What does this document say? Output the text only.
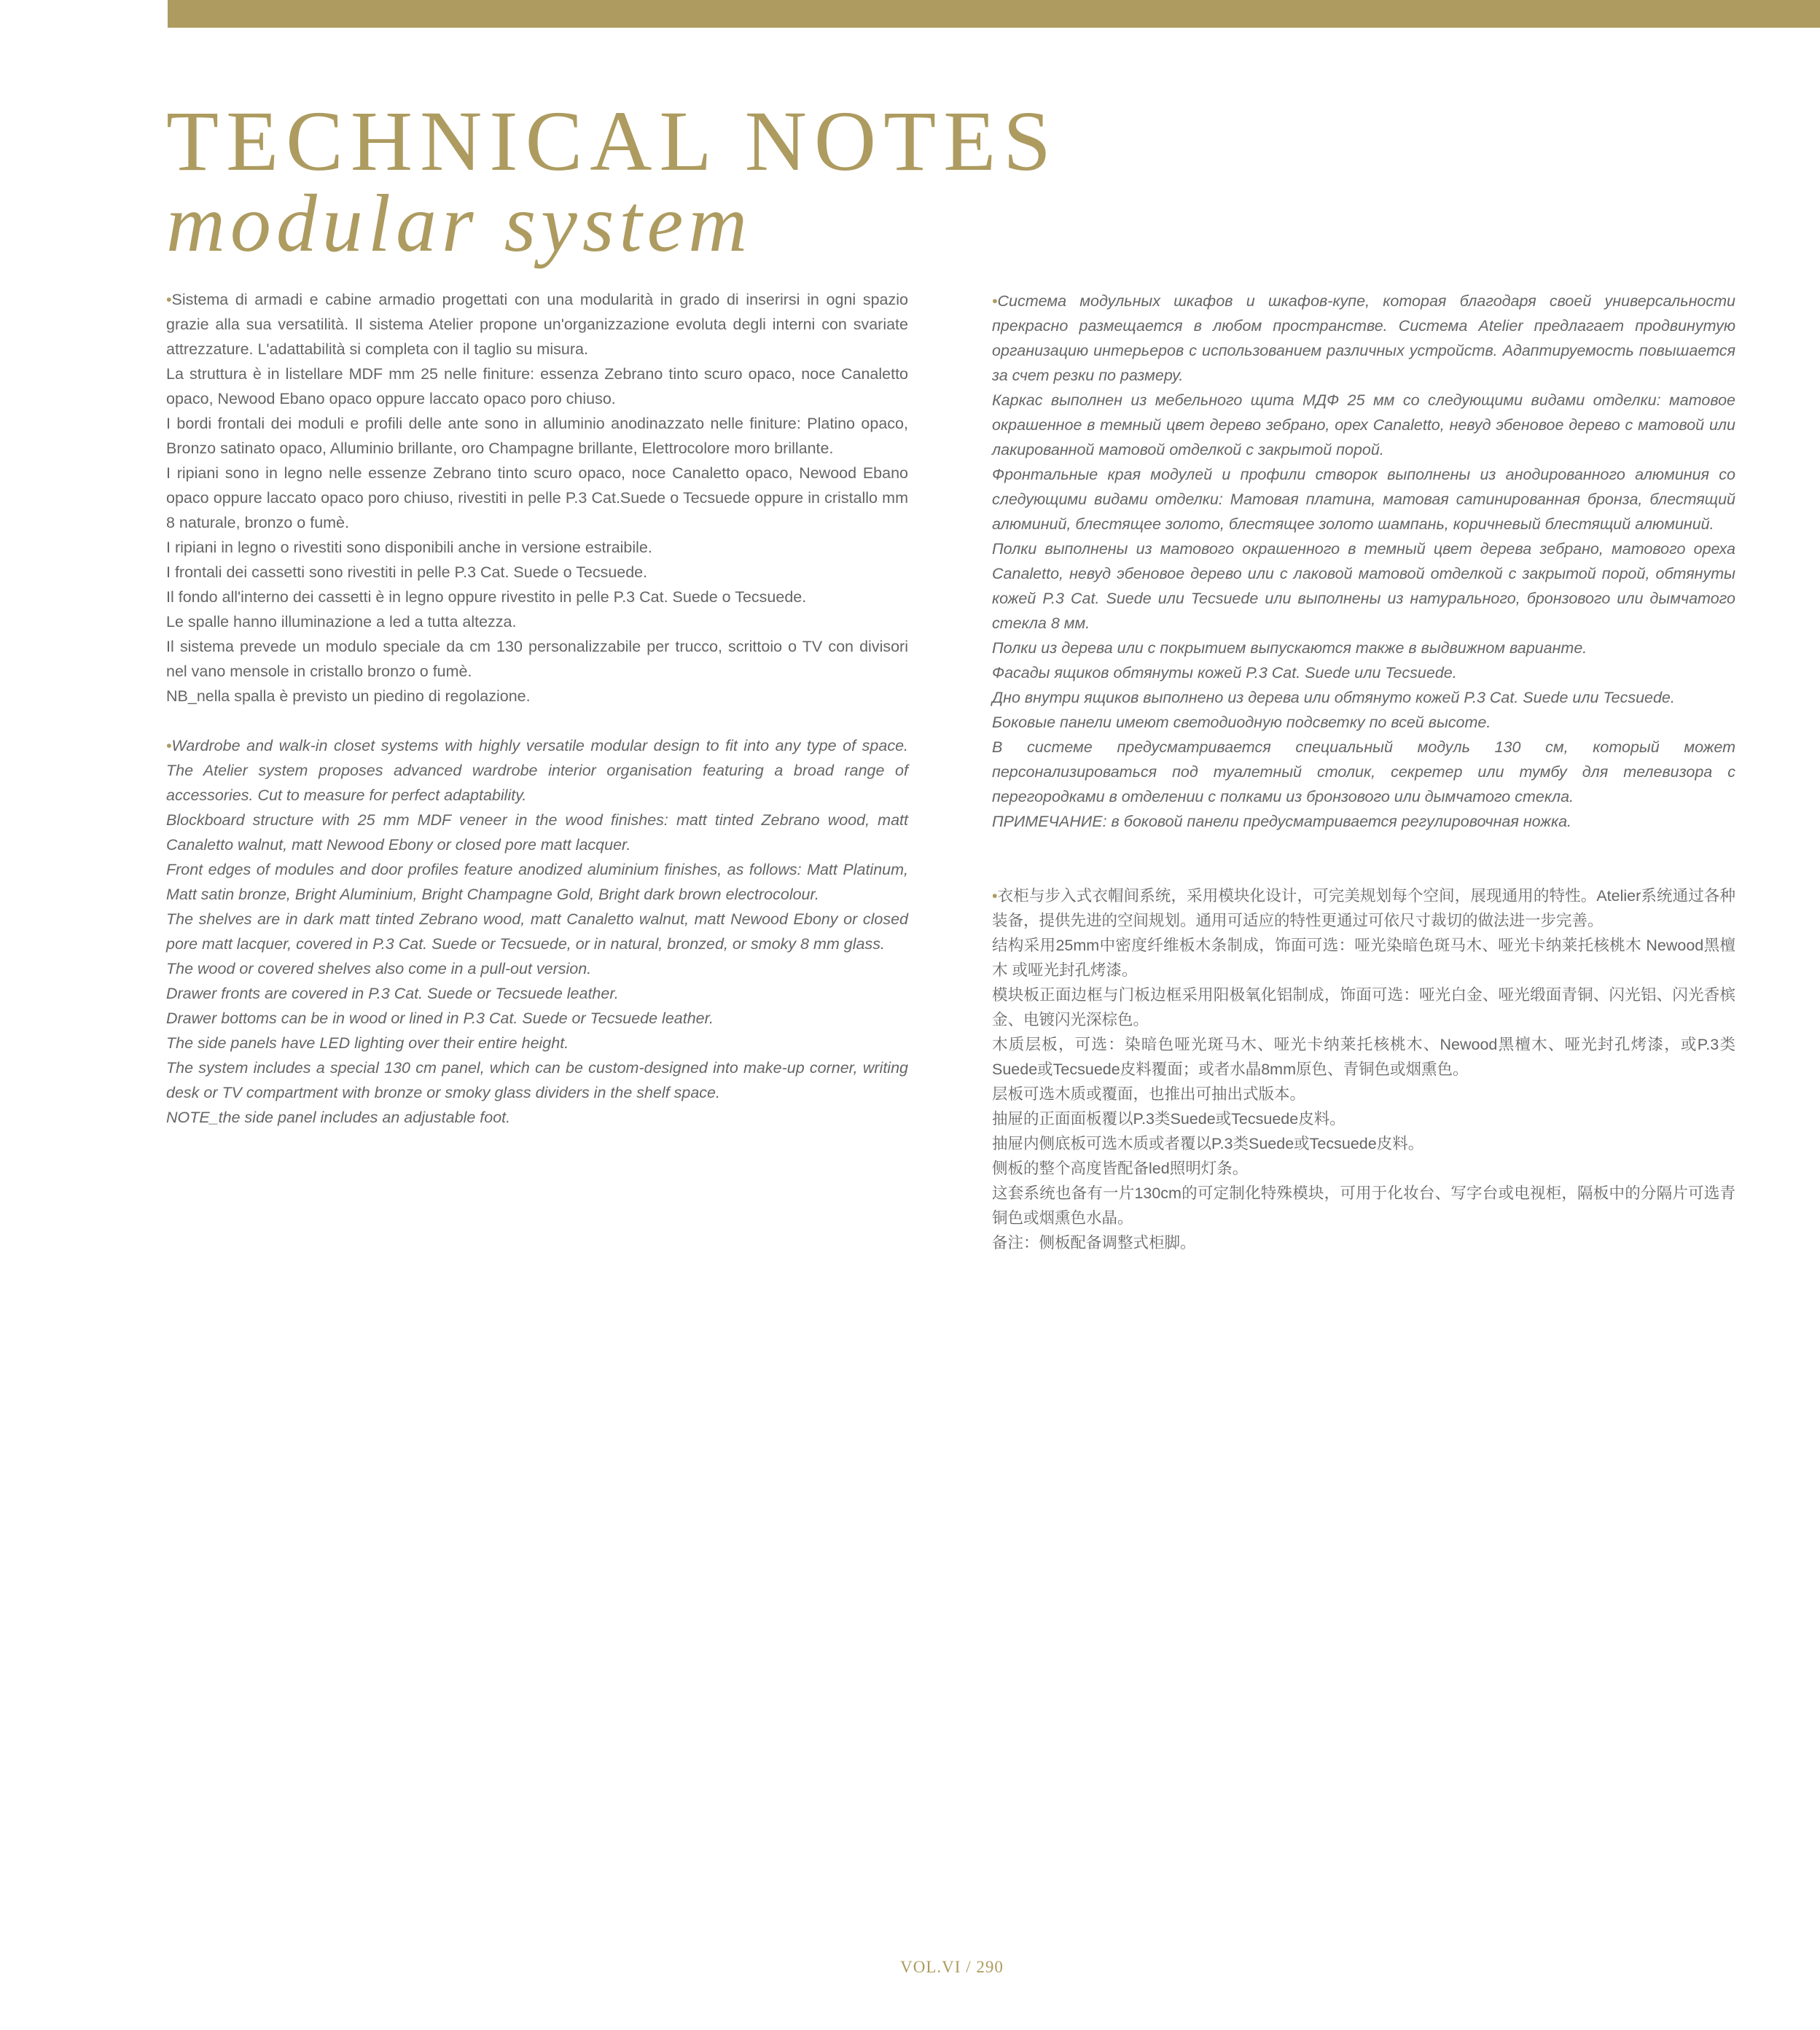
TECHNICAL NOTES
modular system

•Sistema di armadi e cabine armadio progettati con una modularità in grado di inserirsi in ogni spazio grazie alla sua versatilità. Il sistema Atelier propone un'organizzazione evoluta degli interni con svariate attrezzature. L'adattabilità si completa con il taglio su misura.

La struttura è in listellare MDF mm 25 nelle finiture: essenza Zebrano tinto scuro opaco, noce Canaletto opaco, Newood Ebano opaco oppure laccato opaco poro chiuso.

I bordi frontali dei moduli e profili delle ante sono in alluminio anodinazzato nelle finiture: Platino opaco, Bronzo satinato opaco, Alluminio brillante, oro Champagne brillante, Elettrocolore moro brillante.

I ripiani sono in legno nelle essenze Zebrano tinto scuro opaco, noce Canaletto opaco, Newood Ebano opaco oppure laccato opaco poro chiuso, rivestiti in pelle P.3 Cat.Suede o Tecsuede oppure in cristallo mm 8 naturale, bronzo o fumè.

I ripiani in legno o rivestiti sono disponibili anche in versione estraibile.

I frontali dei cassetti sono rivestiti in pelle P.3 Cat. Suede o Tecsuede.

Il fondo all'interno dei cassetti è in legno oppure rivestito in pelle P.3 Cat. Suede o Tecsuede.

Le spalle hanno illuminazione a led a tutta altezza.

Il sistema prevede un modulo speciale da cm 130 personalizzabile per trucco, scrittoio o TV con divisori nel vano mensole in cristallo bronzo o fumè.

NB_nella spalla è previsto un piedino di regolazione.

•Wardrobe and walk-in closet systems with highly versatile modular design to fit into any type of space. The Atelier system proposes advanced wardrobe interior organisation featuring a broad range of accessories. Cut to measure for perfect adaptability.

Blockboard structure with 25 mm MDF veneer in the wood finishes: matt tinted Zebrano wood, matt Canaletto walnut, matt Newood Ebony or closed pore matt lacquer.

Front edges of modules and door profiles feature anodized aluminium finishes, as follows: Matt Platinum, Matt satin bronze, Bright Aluminium, Bright Champagne Gold, Bright dark brown electrocolour.

The shelves are in dark matt tinted Zebrano wood, matt Canaletto walnut, matt Newood Ebony or closed pore matt lacquer, covered in P.3 Cat. Suede or Tecsuede, or in natural, bronzed, or smoky 8 mm glass.

The wood or covered shelves also come in a pull-out version.

Drawer fronts are covered in P.3 Cat. Suede or Tecsuede leather.

Drawer bottoms can be in wood or lined in P.3 Cat. Suede or Tecsuede leather.

The side panels have LED lighting over their entire height.

The system includes a special 130 cm panel, which can be custom-designed into make-up corner, writing desk or TV compartment with bronze or smoky glass dividers in the shelf space.

NOTE_the side panel includes an adjustable foot.

•Система модульных шкафов и шкафов-купе, которая благодаря своей универсальности прекрасно размещается в любом пространстве. Система Atelier предлагает продвинутую организацию интерьеров с использованием различных устройств. Адаптируемость повышается за счет резки по размеру.

Каркас выполнен из мебельного щита МДФ 25 мм со следующими видами отделки: матовое окрашенное в темный цвет дерево зебрано, орех Canaletto, невуд эбеновое дерево с матовой или лакированной матовой отделкой с закрытой порой.

Фронтальные края модулей и профили створок выполнены из анодированного алюминия со следующими видами отделки: Матовая платина, матовая сатинированная бронза, блестящий алюминий, блестящее золото, блестящее золото шампань, коричневый блестящий алюминий.

Полки выполнены из матового окрашенного в темный цвет дерева зебрано, матового ореха Canaletto, невуд эбеновое дерево или с лаковой матовой отделкой с закрытой порой, обтянуты кожей P.3 Cat. Suede или Tecsuede или выполнены из натурального, бронзового или дымчатого стекла 8 мм.

Полки из дерева или с покрытием выпускаются также в выдвижном варианте.

Фасады ящиков обтянуты кожей P.3 Cat. Suede или Tecsuede.

Дно внутри ящиков выполнено из дерева или обтянуто кожей P.3 Cat. Suede или Tecsuede.

Боковые панели имеют светодиодную подсветку по всей высоте.

В системе предусматривается специальный модуль 130 см, который может персонализироваться под туалетный столик, секретер или тумбу для телевизора с перегородками в отделении с полками из бронзового или дымчатого стекла.

ПРИМЕЧАНИЕ: в боковой панели предусматривается регулировочная ножка.

•衣柜与步入式衣帽间系统，采用模块化设计，可完美规划每个空间，展现通用的特性。Atelier系统通过各种装备，提供先进的空间规划。通用可适应的特性更通过可依尺寸裁切的做法进一步完善。

结构采用25mm中密度纤维板木条制成，饰面可选：哑光染暗色斑马木、哑光卡纳莱托核桃木 Newood黑檀木 或哑光封孔烤漆。

模块板正面边框与门板边框采用阳极氧化铝制成，饰面可选：哑光白金、哑光缎面青铜、闪光铝、闪光香槟金、电镀闪光深棕色。

木质层板，可选：染暗色哑光斑马木、哑光卡纳莱托核桃木、Newood黑檀木、哑光封孔烤漆，或P.3类Suede或Tecsuede皮料覆面；或者水晶8mm原色、青铜色或烟熏色。

层板可选木质或覆面，也推出可抽出式版本。

抽屉的正面面板覆以P.3类Suede或Tecsuede皮料。

抽屉内侧底板可选木质或者覆以P.3类Suede或Tecsuede皮料。

侧板的整个高度皆配备led照明灯条。

这套系统也备有一片130cm的可定制化特殊模块，可用于化妆台、写字台或电视柜，隔板中的分隔片可选青铜色或烟熏色水晶。

备注：侧板配备调整式柜脚。

VOL.VI / 290
